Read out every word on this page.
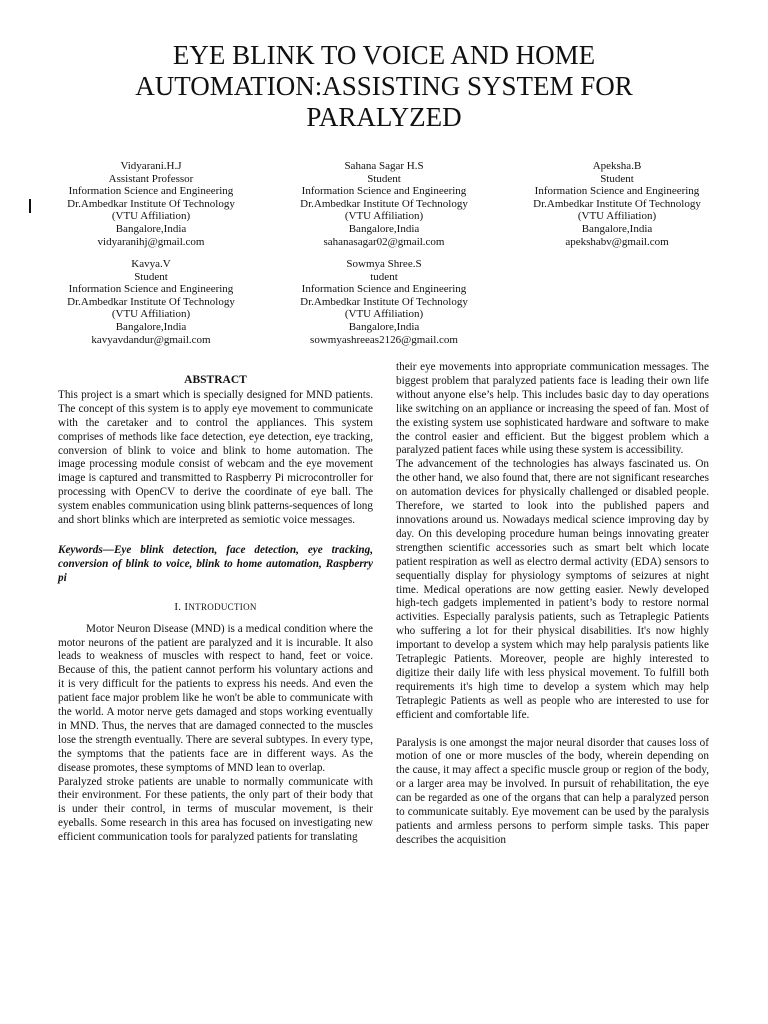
EYE BLINK TO VOICE AND HOME AUTOMATION:ASSISTING SYSTEM FOR PARALYZED
Vidyarani.H.J
Assistant Professor
Information Science and Engineering
Dr.Ambedkar Institute Of Technology
(VTU Affiliation)
Bangalore,India
vidyaranihj@gmail.com
Sahana Sagar H.S
Student
Information Science and Engineering
Dr.Ambedkar Institute Of Technology
(VTU Affiliation)
Bangalore,India
sahanasagar02@gmail.com
Apeksha.B
Student
Information Science and Engineering
Dr.Ambedkar Institute Of Technology
(VTU Affiliation)
Bangalore,India
apekshabv@gmail.com
Kavya.V
Student
Information Science and Engineering
Dr.Ambedkar Institute Of Technology
(VTU Affiliation)
Bangalore,India
kavyavdandur@gmail.com
Sowmya Shree.S
tudent
Information Science and Engineering
Dr.Ambedkar Institute Of Technology
(VTU Affiliation)
Bangalore,India
sowmyashreeas2126@gmail.com

ABSTRACT

This project is a smart which is specially designed for MND patients. The concept of this system is to apply eye movement to communicate with the caretaker and to control the appliances. This system comprises of methods like face detection, eye detection, eye tracking, conversion of blink to voice and blink to home automation. The image processing module consist of webcam and the eye movement image is captured and transmitted to Raspberry Pi microcontroller for processing with OpenCV to derive the coordinate of eye ball. The system enables communication using blink patterns-sequences of long and short blinks which are interpreted as semiotic voice messages.

Keywords—Eye blink detection, face detection, eye tracking, conversion of blink to voice, blink to home automation, Raspberry pi

I. INTRODUCTION

Motor Neuron Disease (MND) is a medical condition where the motor neurons of the patient are paralyzed and it is incurable. It also leads to weakness of muscles with respect to hand, feet or voice. Because of this, the patient cannot perform his voluntary actions and it is very difficult for the patients to express his needs. And even the patient face major problem like he won't be able to communicate with the world. A motor nerve gets damaged and stops working eventually in MND. Thus, the nerves that are damaged connected to the muscles lose the strength eventually. There are several subtypes. In every type, the symptoms that the patients face are in different ways. As the disease promotes, these symptoms of MND lean to overlap.

Paralyzed stroke patients are unable to normally communicate with their environment. For these patients, the only part of their body that is under their control, in terms of muscular movement, is their eyeballs. Some research in this area has focused on investigating new efficient communication tools for paralyzed patients for translating

their eye movements into appropriate communication messages. The biggest problem that paralyzed patients face is leading their own life without anyone else’s help. This includes basic day to day operations like switching on an appliance or increasing the speed of fan. Most of the existing system use sophisticated hardware and software to make the control easier and efficient. But the biggest problem which a paralyzed patient faces while using these system is accessibility.

The advancement of the technologies has always fascinated us. On the other hand, we also found that, there are not significant researches on automation devices for physically challenged or disabled people. Therefore, we started to look into the published papers and innovations around us. Nowadays medical science improving day by day. On this developing procedure human beings innovating greater strengthen scientific accessories such as smart belt which locate patient respiration as well as electro dermal activity (EDA) sensors to sequentially display for physiology symptoms of seizures at night time. Medical operations are now getting easier. Newly developed high-tech gadgets implemented in patient’s body to restore normal activities. Especially paralysis patients, such as Tetraplegic Patients who suffering a lot for their physical disabilities. It's now highly important to develop a system which may help paralysis patients like Tetraplegic Patients. Moreover, people are highly interested to digitize their daily life with less physical movement. To fulfill both requirements it's high time to develop a system which may help Tetraplegic Patients as well as people who are interested to use for efficient and comfortable life.

Paralysis is one amongst the major neural disorder that causes loss of motion of one or more muscles of the body, wherein depending on the cause, it may affect a specific muscle group or region of the body, or a larger area may be involved. In pursuit of rehabilitation, the eye can be regarded as one of the organs that can help a paralyzed person to communicate suitably. Eye movement can be used by the paralysis patients and armless persons to perform simple tasks. This paper describes the acquisition
